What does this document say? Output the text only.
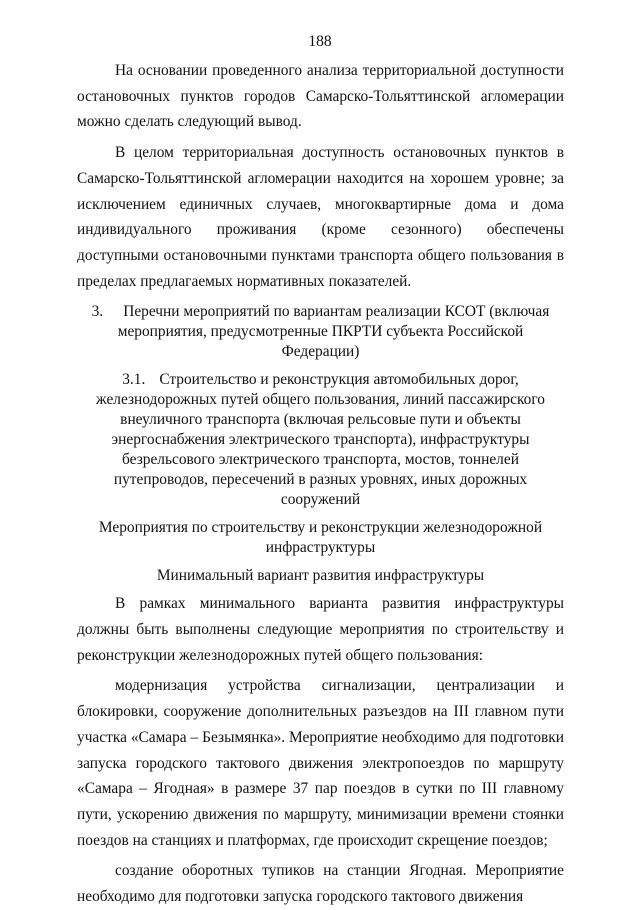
188

На основании проведенного анализа территориальной доступности остановочных пунктов городов Самарско-Тольяттинской агломерации можно сделать следующий вывод.

В целом территориальная доступность остановочных пунктов в Самарско-Тольяттинской агломерации находится на хорошем уровне; за исключением единичных случаев, многоквартирные дома и дома индивидуального проживания (кроме сезонного) обеспечены доступными остановочными пунктами транспорта общего пользования в пределах предлагаемых нормативных показателей.

3. Перечни мероприятий по вариантам реализации КСОТ (включая мероприятия, предусмотренные ПКРТИ субъекта Российской Федерации)

3.1. Строительство и реконструкция автомобильных дорог, железнодорожных путей общего пользования, линий пассажирского внеуличного транспорта (включая рельсовые пути и объекты энергоснабжения электрического транспорта), инфраструктуры безрельсового электрического транспорта, мостов, тоннелей путепроводов, пересечений в разных уровнях, иных дорожных сооружений

Мероприятия по строительству и реконструкции железнодорожной инфраструктуры

Минимальный вариант развития инфраструктуры

В рамках минимального варианта развития инфраструктуры должны быть выполнены следующие мероприятия по строительству и реконструкции железнодорожных путей общего пользования:

модернизация устройства сигнализации, централизации и блокировки, сооружение дополнительных разъездов на III главном пути участка «Самара – Безымянка». Мероприятие необходимо для подготовки запуска городского тактового движения электропоездов по маршруту «Самара – Ягодная» в размере 37 пар поездов в сутки по III главному пути, ускорению движения по маршруту, минимизации времени стоянки поездов на станциях и платформах, где происходит скрещение поездов;

создание оборотных тупиков на станции Ягодная. Мероприятие необходимо для подготовки запуска городского тактового движения
